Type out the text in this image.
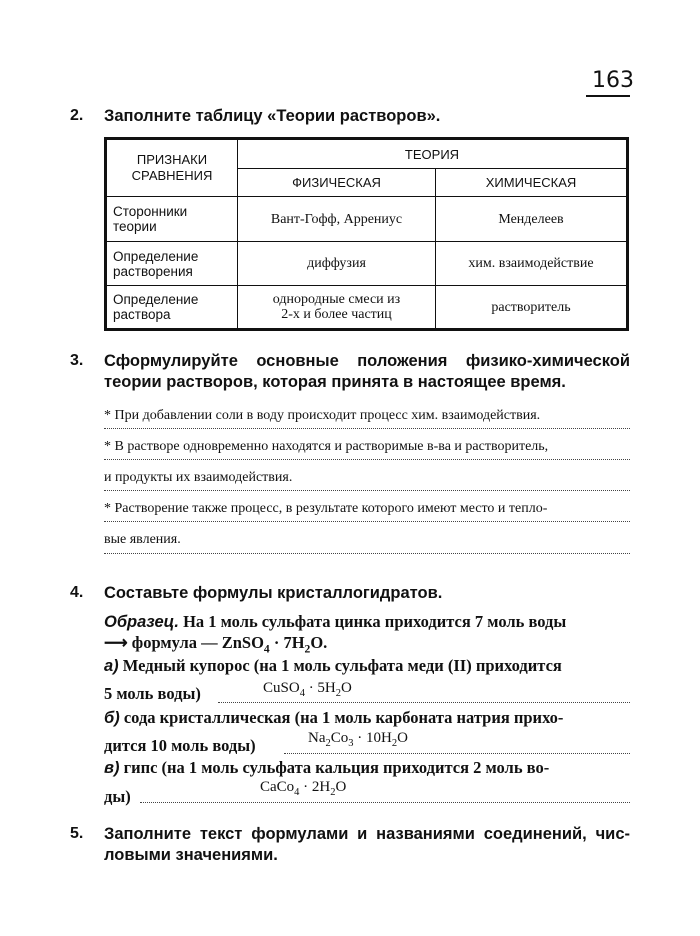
163
2. Заполните таблицу «Теории растворов».
ПРИЗНАКИ
СРАВНЕНИЯ	ТЕОРИЯ	
	ФИЗИЧЕСКАЯ	ХИМИЧЕСКАЯ
Сторонники
теории	Вант-Гофф, Аррениус	Менделеев
Определение
растворения	диффузия	хим. взаимодействие
Определение
раствора	однородные смеси из
2-х и более частиц	растворитель
3. Сформулируйте основные положения физико-химической
теории растворов, которая принята в настоящее время.
* При добавлении соли в воду происходит процесс хим. взаимодействия.
* В растворе одновременно находятся и растворимые в-ва и растворитель,
и продукты их взаимодействия.
* Растворение также процесс, в результате которого имеют место и тепло-
вые явления.
4. Составьте формулы кристаллогидратов.
Образец. На 1 моль сульфата цинка приходится 7 моль воды
⟶ формула — ZnSO$_4$ · $7H_2O$.
а) Медный купорос (на 1 моль сульфата меди (II) приходится
5 моль воды)	CuSO$_4$ · $5H_2O$
б) сода кристаллическая (на 1 моль карбоната натрия прихо-
дится 10 моль воды)	$Na_2Co_3 \cdot 10H_2O$
в) гипс (на 1 моль сульфата кальция приходится 2 моль во-
ды)	CaCo$_4$ · $2H_2O$
5. Заполните текст формулами и названиями соединений, чис-
ловыми значениями.
